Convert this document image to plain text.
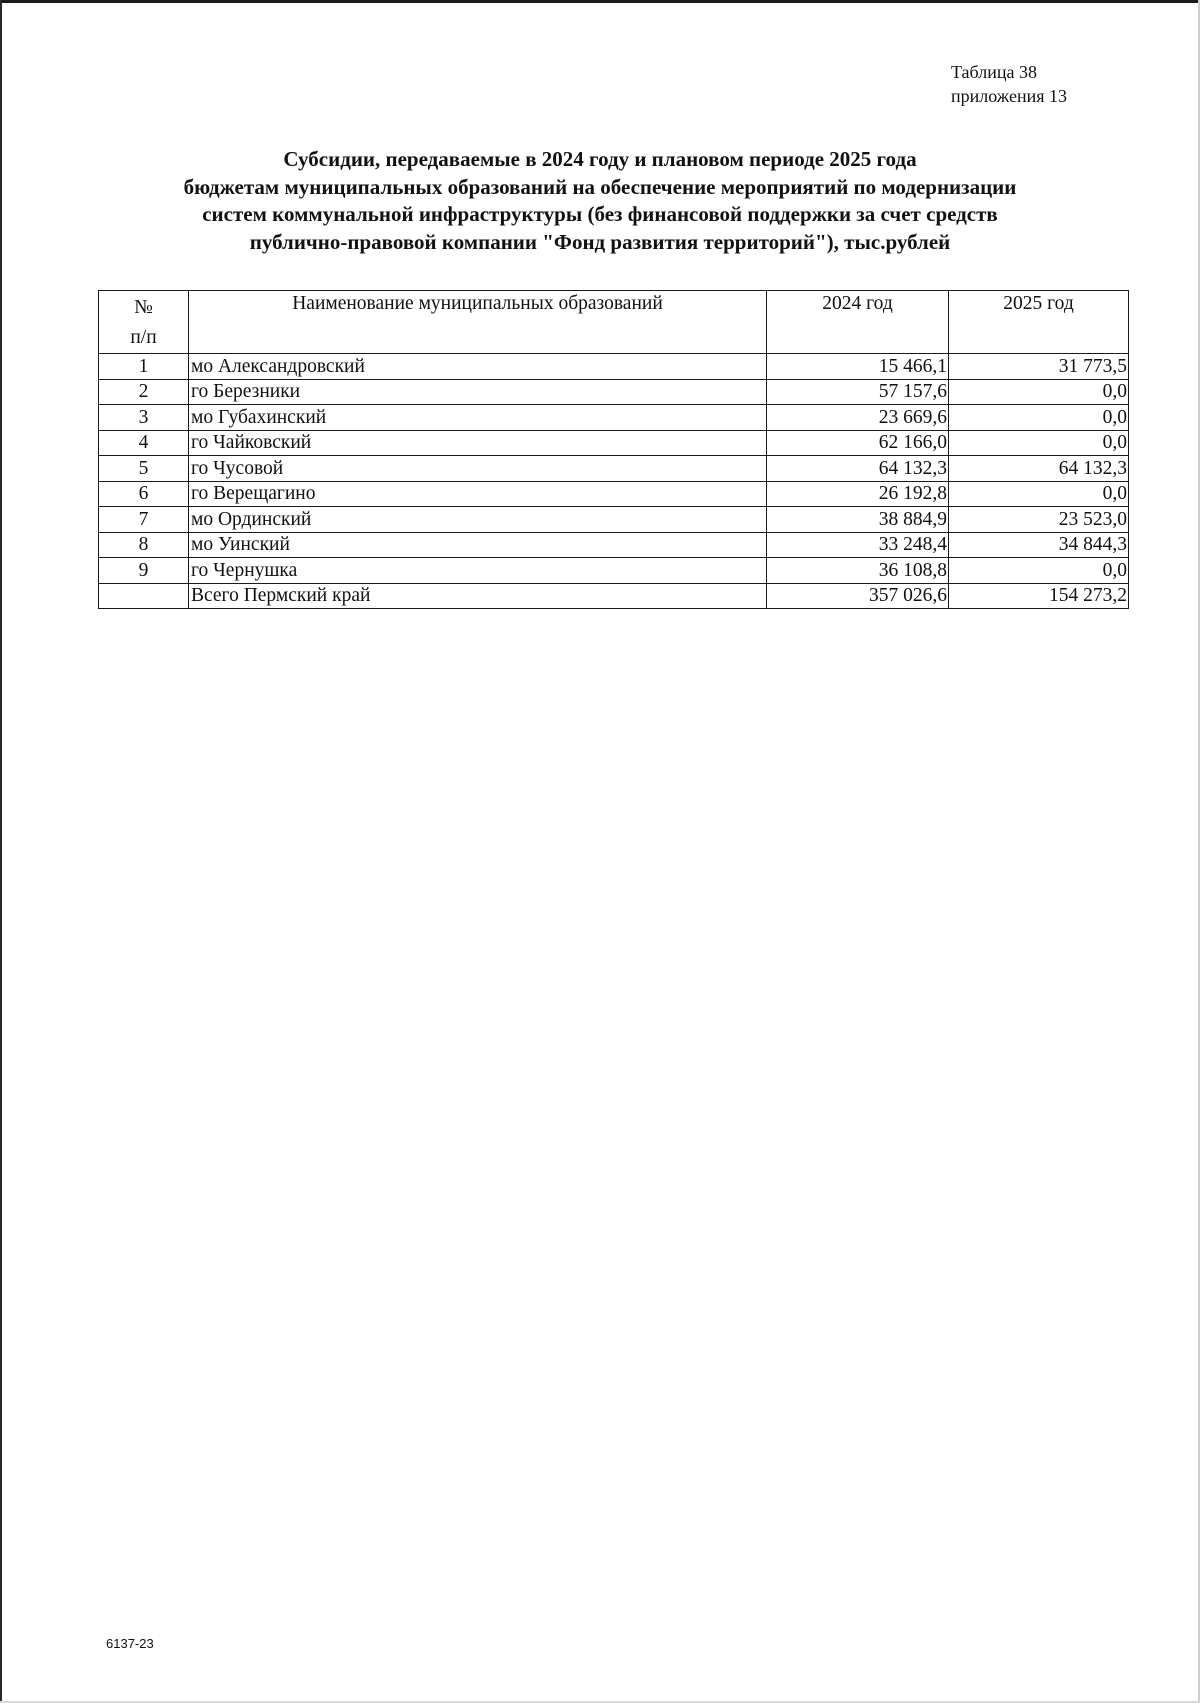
Таблица 38
приложения 13
Субсидии, передаваемые в 2024 году и плановом периоде 2025 года
бюджетам муниципальных образований на обеспечение мероприятий по модернизации
систем коммунальной инфраструктуры (без финансовой поддержки за счет средств
публично-правовой компании "Фонд развития территорий"), тыс.рублей
№
п/п	Наименование муниципальных образований	2024 год	2025 год
1	мо Александровский	15 466,1	31 773,5
2	го Березники	57 157,6	0,0
3	мо Губахинский	23 669,6	0,0
4	го Чайковский	62 166,0	0,0
5	го Чусовой	64 132,3	64 132,3
6	го Верещагино	26 192,8	0,0
7	мо Ординский	38 884,9	23 523,0
8	мо Уинский	33 248,4	34 844,3
9	го Чернушка	36 108,8	0,0
	Всего Пермский край	357 026,6	154 273,2
6137-23
